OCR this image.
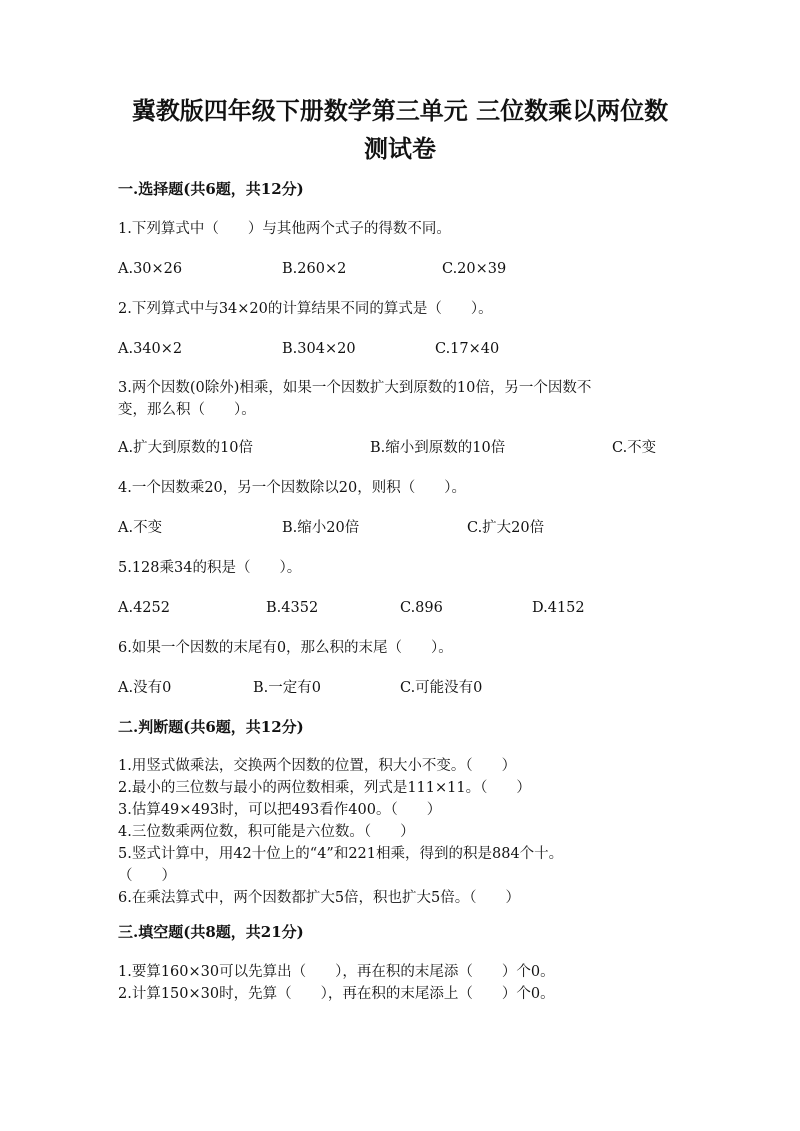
冀教版四年级下册数学第三单元 三位数乘以两位数
测试卷
一.选择题(共6题，共12分)
1.下列算式中（　　）与其他两个式子的得数不同。
A.30×26	B.260×2	C.20×39
2.下列算式中与34×20的计算结果不同的算式是（　　）。
A.340×2	B.304×20	C.17×40
3.两个因数(0除外)相乘，如果一个因数扩大到原数的10倍，另一个因数不
变，那么积（　　）。
A.扩大到原数的10倍	B.缩小到原数的10倍	C.不变
4.一个因数乘20，另一个因数除以20，则积（　　）。
A.不变	B.缩小20倍	C.扩大20倍
5.128乘34的积是（　　）。
A.4252	B.4352	C.896	D.4152
6.如果一个因数的末尾有0，那么积的末尾（　　）。
A.没有0	B.一定有0	C.可能没有0
二.判断题(共6题，共12分)
1.用竖式做乘法，交换两个因数的位置，积大小不变。（　　）
2.最小的三位数与最小的两位数相乘，列式是111×11。（　　）
3.估算49×493时，可以把493看作400。（　　）
4.三位数乘两位数，积可能是六位数。（　　）
5.竖式计算中，用42十位上的“4”和221相乘，得到的积是884个十。
（　　）
6.在乘法算式中，两个因数都扩大5倍，积也扩大5倍。（　　）
三.填空题(共8题，共21分)
1.要算160×30可以先算出（　　），再在积的末尾添（　　）个0。
2.计算150×30时，先算（　　），再在积的末尾添上（　　）个0。
